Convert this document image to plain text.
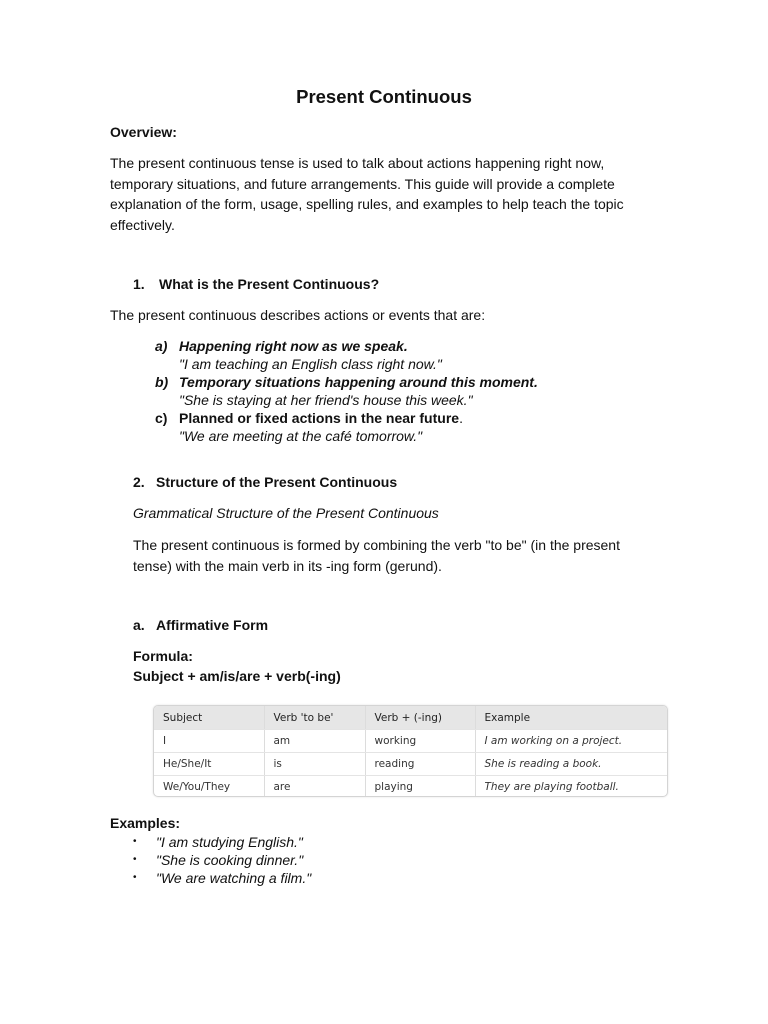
Present Continuous
Overview:
The present continuous tense is used to talk about actions happening right now,
temporary situations, and future arrangements. This guide will provide a complete
explanation of the form, usage, spelling rules, and examples to help teach the topic
effectively.
1. What is the Present Continuous?
The present continuous describes actions or events that are:
a) Happening right now as we speak.
"I am teaching an English class right now."
b) Temporary situations happening around this moment.
"She is staying at her friend's house this week."
c) Planned or fixed actions in the near future .
"We are meeting at the café tomorrow."
2. Structure of the Present Continuous
Grammatical Structure of the Present Continuous
The present continuous is formed by combining the verb "to be" (in the present
tense) with the main verb in its -ing form (gerund).
a. Affirmative Form
Formula:
Subject + am/is/are + verb(-ing)
Subject	Verb 'to be'	Verb + (-ing)	Example
I	am	working	I am working on a project.
He/She/It	is	reading	She is reading a book.
We/You/They	are	playing	They are playing football.
Examples:
•	"I am studying English."
•	"She is cooking dinner."
•	"We are watching a film."
